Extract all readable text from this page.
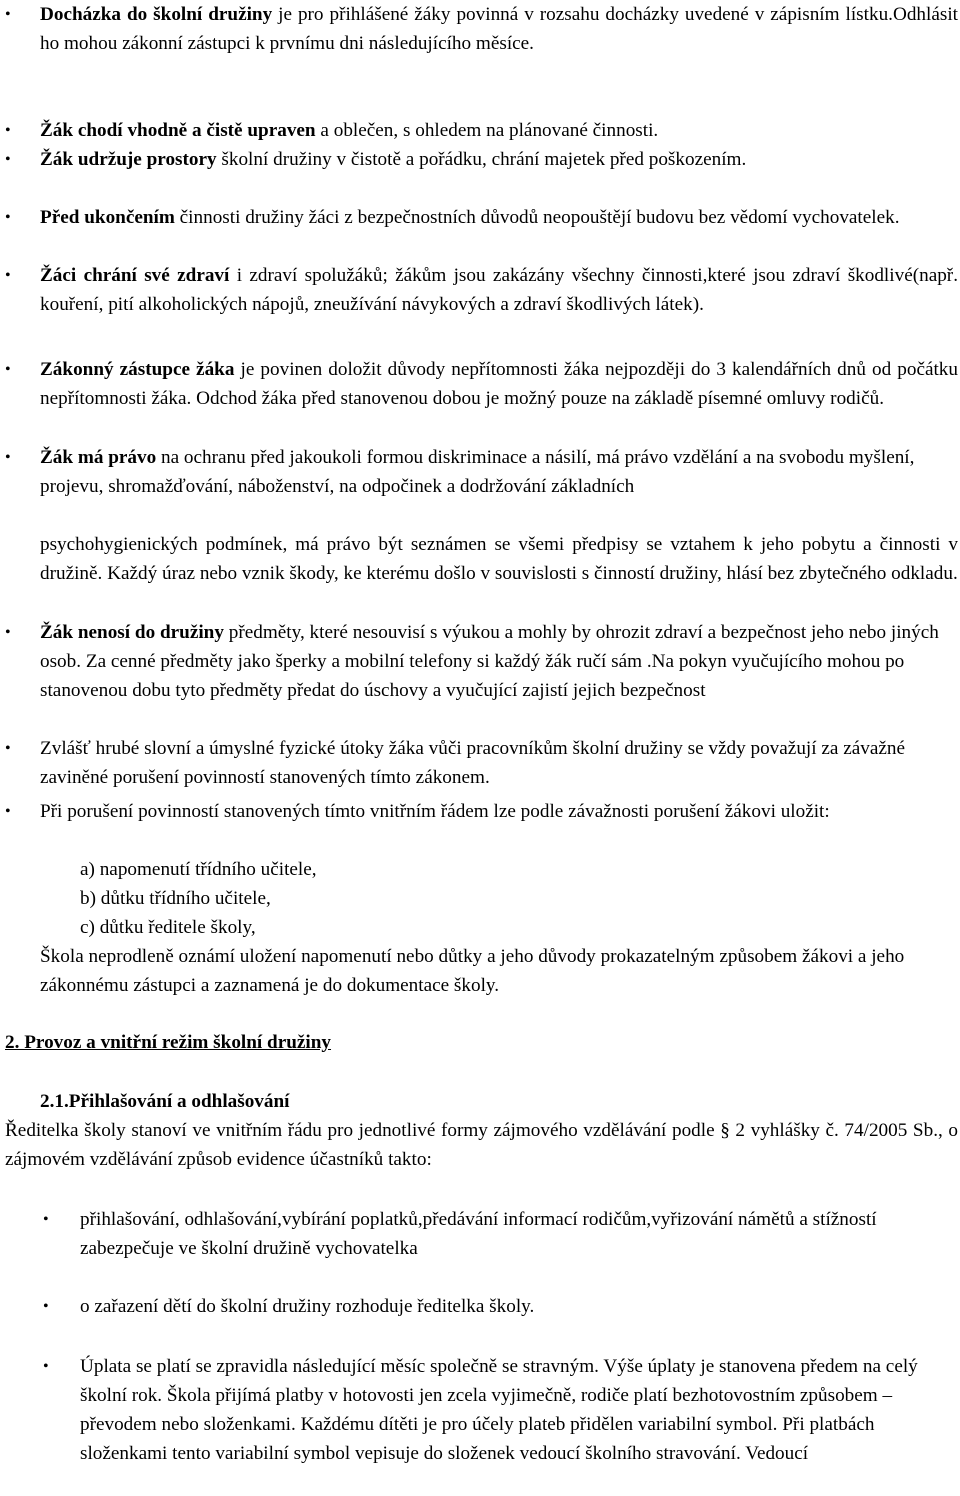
• Docházka do školní družiny je pro přihlášené žáky povinná v rozsahu docházky uvedené v zápisním lístku.Odhlásit ho mohou zákonní zástupci k prvnímu dni následujícího měsíce.
• Žák chodí vhodně a čistě upraven a oblečen, s ohledem na plánované činnosti.
• Žák udržuje prostory školní družiny v čistotě a pořádku, chrání majetek před poškozením.
• Před ukončením činnosti družiny žáci z bezpečnostních důvodů neopouštějí budovu bez vědomí vychovatelek.
• Žáci chrání své zdraví i zdraví spolužáků; žákům jsou zakázány všechny činnosti,které jsou zdraví škodlivé(např. kouření, pití alkoholických nápojů, zneužívání návykových a zdraví škodlivých látek).
• Zákonný zástupce žáka je povinen doložit důvody nepřítomnosti žáka nejpozději do 3 kalendářních dnů od počátku nepřítomnosti žáka. Odchod žáka před stanovenou dobou je možný pouze na základě písemné omluvy rodičů.
• Žák má právo na ochranu před jakoukoli formou diskriminace a násilí, má právo vzdělání a na svobodu myšlení, projevu, shromažďování, náboženství, na odpočinek a dodržování základních
psychohygienických podmínek, má právo být seznámen se všemi předpisy se vztahem k jeho pobytu a činnosti v družině. Každý úraz nebo vznik škody, ke kterému došlo v souvislosti s činností družiny, hlásí bez zbytečného odkladu.
• Žák nenosí do družiny předměty, které nesouvisí s výukou a mohly by ohrozit zdraví a bezpečnost jeho nebo jiných osob. Za cenné předměty jako šperky a mobilní telefony si každý žák ručí sám .Na pokyn vyučujícího mohou po stanovenou dobu tyto předměty předat do úschovy a vyučující zajistí jejich bezpečnost
• Zvlášť hrubé slovní a úmyslné fyzické útoky žáka vůči pracovníkům školní družiny se vždy považují za závažné zaviněné porušení povinností stanovených tímto zákonem.
• Při porušení povinností stanovených tímto vnitřním řádem lze podle závažnosti porušení žákovi uložit:
a) napomenutí třídního učitele,
b) důtku třídního učitele,
c) důtku ředitele školy,
Škola neprodleně oznámí uložení napomenutí nebo důtky a jeho důvody prokazatelným způsobem žákovi a jeho zákonnému zástupci a zaznamená je do dokumentace školy.
2. Provoz a vnitřní režim školní družiny
2.1.Přihlašování a odhlašování
Ředitelka školy stanoví ve vnitřním řádu pro jednotlivé formy zájmového vzdělávání podle § 2 vyhlášky č. 74/2005 Sb., o zájmovém vzdělávání způsob evidence účastníků takto:
• přihlašování, odhlašování,vybírání poplatků,předávání informací rodičům,vyřizování námětů a stížností zabezpečuje ve školní družině vychovatelka
• o zařazení dětí do školní družiny rozhoduje ředitelka školy.
• Úplata se platí se zpravidla následující měsíc společně se stravným. Výše úplaty je stanovena předem na celý školní rok. Škola přijímá platby v hotovosti jen zcela vyjimečně, rodiče platí bezhotovostním způsobem – převodem nebo složenkami. Každému dítěti je pro účely plateb přidělen variabilní symbol. Při platbách složenkami tento variabilní symbol vepisuje do složenek vedoucí školního stravování. Vedoucí
